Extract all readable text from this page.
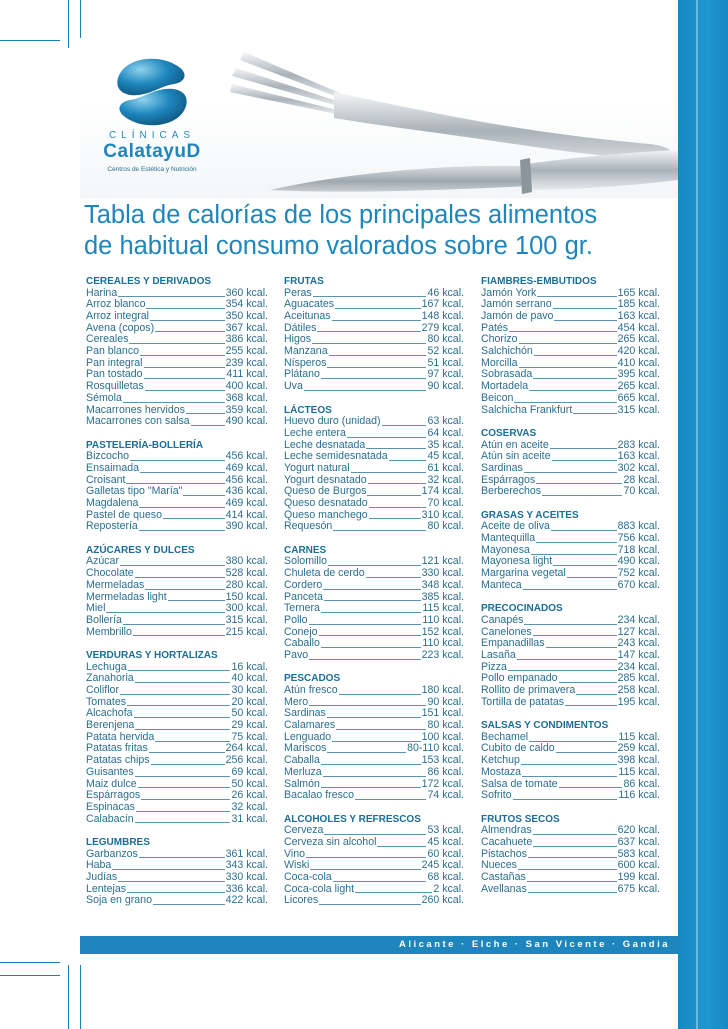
CLÍNICAS
CalatayuD
Centros de Estética y Nutrición
Tabla de calorías de los principales alimentos
de habitual consumo valorados sobre 100 gr.
CEREALES Y DERIVADOS
Harina	360 kcal.
Arroz blanco	354 kcal.
Arroz integral	350 kcal.
Avena (copos)	367 kcal.
Cereales	386 kcal.
Pan blanco	255 kcal.
Pan integral	239 kcal.
Pan tostado	411 kcal.
Rosquilletas	400 kcal.
Sémola	368 kcal.
Macarrones hervidos	359 kcal.
Macarrones con salsa	490 kcal.
PASTELERÍA-BOLLERÍA
Bizcocho	456 kcal.
Ensaimada	469 kcal.
Croisant	456 kcal.
Galletas tipo "María"	436 kcal.
Magdalena	469 kcal.
Pastel de queso	414 kcal.
Repostería	390 kcal.
AZÚCARES Y DULCES
Azúcar	380 kcal.
Chocolate	528 kcal.
Mermeladas	280 kcal.
Mermeladas light	150 kcal.
Miel	300 kcal.
Bollería	315 kcal.
Membrillo	215 kcal.
VERDURAS Y HORTALIZAS
Lechuga	16 kcal.
Zanahoria	40 kcal.
Coliflor	30 kcal.
Tomates	20 kcal.
Alcachofa	50 kcal.
Berenjena	29 kcal.
Patata hervida	75 kcal.
Patatas fritas	264 kcal.
Patatas chips	256 kcal.
Guisantes	69 kcal.
Maiz dulce	50 kcal.
Espárragos	26 kcal.
Espinacas	32 kcal.
Calabacín	31 kcal.
LEGUMBRES
Garbanzos	361 kcal.
Haba	343 kcal.
Judías	330 kcal.
Lentejas	336 kcal.
Soja en grano	422 kcal.
FRUTAS
Peras	46 kcal.
Aguacates	167 kcal.
Aceitunas	148 kcal.
Dátiles	279 kcal.
Higos	80 kcal.
Manzana	52 kcal.
Nísperos	51 kcal.
Plátano	97 kcal.
Uva	90 kcal.
LÁCTEOS
Huevo duro (unidad)	63 kcal.
Leche entera	64 kcal.
Leche desnatada	35 kcal.
Leche semidesnatada	45 kcal.
Yogurt natural	61 kcal.
Yogurt desnatado	32 kcal.
Queso de Burgos	174 kcal.
Queso desnatado	70 kcal.
Queso manchego	310 kcal.
Requesón	80 kcal.
CARNES
Solomillo	121 kcal.
Chuleta de cerdo	330 kcal.
Cordero	348 kcal.
Panceta	385 kcal.
Ternera	115 kcal.
Pollo	110 kcal.
Conejo	152 kcal.
Caballo	110 kcal.
Pavo	223 kcal.
PESCADOS
Atún fresco	180 kcal.
Mero	90 kcal.
Sardinas	151 kcal.
Calamares	80 kcal.
Lenguado	100 kcal.
Mariscos	80-110 kcal.
Caballa	153 kcal.
Merluza	86 kcal.
Salmón	172 kcal.
Bacalao fresco	74 kcal.
ALCOHOLES Y REFRESCOS
Cerveza	53 kcal.
Cerveza sin alcohol	45 kcal.
Vino	60 kcal.
Wiski	245 kcal.
Coca-cola	68 kcal.
Coca-cola light	2 kcal.
Licores	260 kcal.
FIAMBRES-EMBUTIDOS
Jamón York	165 kcal.
Jamón serrano	185 kcal.
Jamón de pavo	163 kcal.
Patés	454 kcal.
Chorizo	265 kcal.
Salchichón	420 kcal.
Morcilla	410 kcal.
Sobrasada	395 kcal.
Mortadela	265 kcal.
Beicon	665 kcal.
Salchicha Frankfurt	315 kcal.
COSERVAS
Atún en aceite	283 kcal.
Atún sin aceite	163 kcal.
Sardinas	302 kcal.
Espárragos	28 kcal.
Berberechos	70 kcal.
GRASAS Y ACEITES
Aceite de oliva	883 kcal.
Mantequilla	756 kcal.
Mayonesa	718 kcal.
Mayonesa light	490 kcal.
Margarina vegetal	752 kcal.
Manteca	670 kcal.
PRECOCINADOS
Canapés	234 kcal.
Canelones	127 kcal.
Empanadillas	243 kcal.
Lasaña	147 kcal.
Pizza	234 kcal.
Pollo empanado	285 kcal.
Rollito de primavera	258 kcal.
Tortilla de patatas	195 kcal.
SALSAS Y CONDIMENTOS
Bechamel	115 kcal.
Cubito de caldo	259 kcal.
Ketchup	398 kcal.
Mostaza	115 kcal.
Salsa de tomate	86 kcal.
Sofrito	116 kcal.
FRUTOS SECOS
Almendras	620 kcal.
Cacahuete	637 kcal.
Pistachos	583 kcal.
Nueces	600 kcal.
Castañas	199 kcal.
Avellanas	675 kcal.
Alicante · Elche · San Vicente · Gandia
